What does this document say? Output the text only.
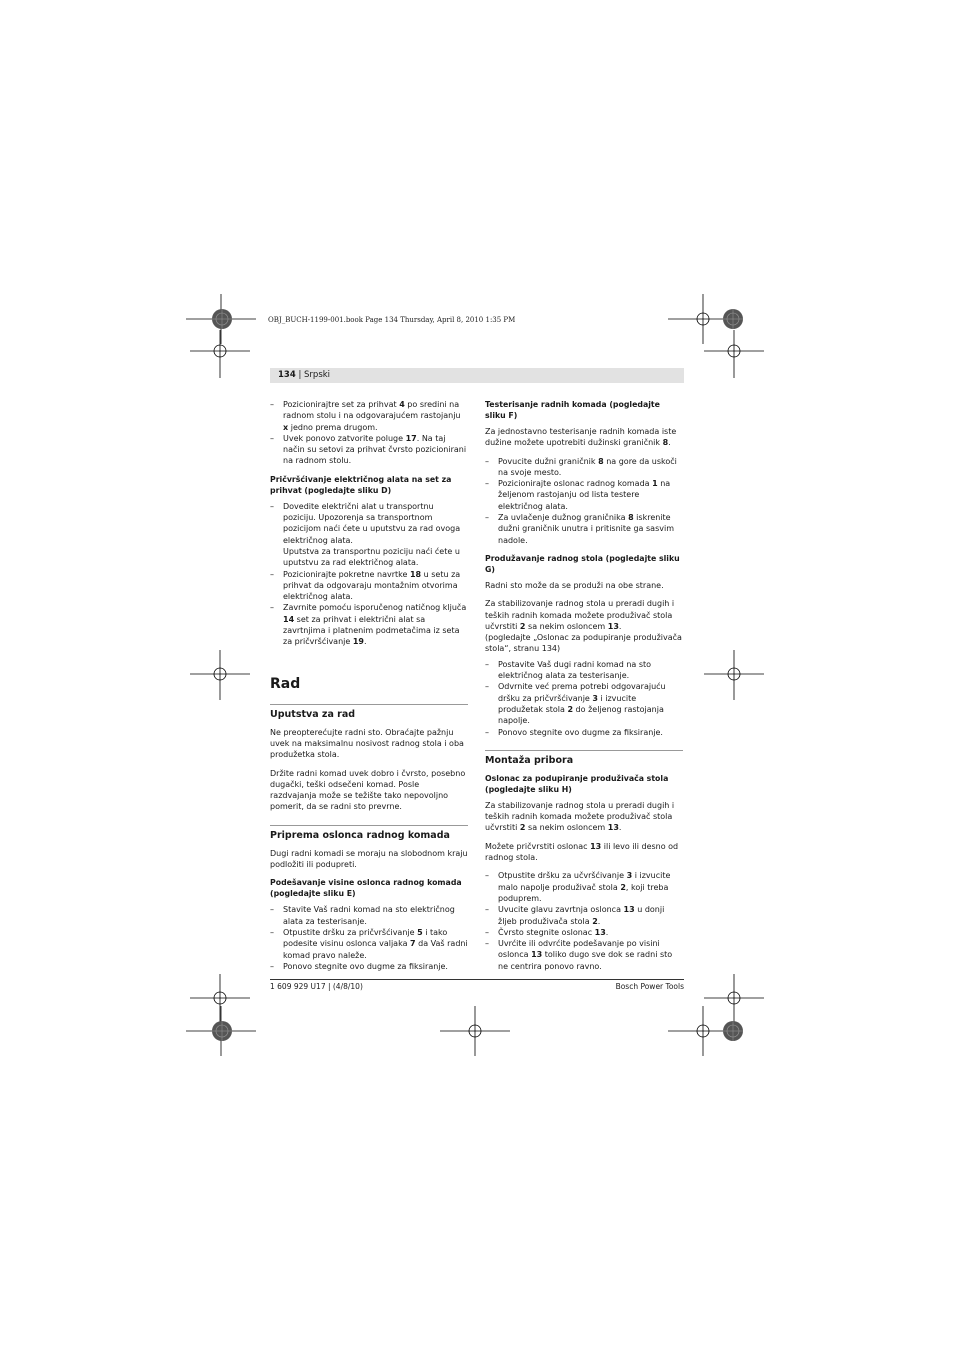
OBJ_BUCH-1199-001.book Page 134 Thursday, April 8, 2010 1:35 PM
134 | Srpski
– Pozicionirajtre set za prihvat 4 po sredini na radnom stolu i na odgovarajućem rastojanju x jedno prema drugom.
– Uvek ponovo zatvorite poluge 17. Na taj način su setovi za prihvat čvrsto pozicionirani na radnom stolu.
Pričvršćivanje električnog alata na set za prihvat (pogledajte sliku D)
– Dovedite električni alat u transportnu poziciju. Upozorenja sa transportnom pozicijom naći ćete u uputstvu za rad ovoga električnog alata.
Uputstva za transportnu poziciju naći ćete u uputstvu za rad električnog alata.
– Pozicionirajte pokretne navrtke 18 u setu za prihvat da odgovaraju montažnim otvorima električnog alata.
– Zavrnite pomoću isporučenog natičnog ključa 14 set za prihvat i električni alat sa zavrtnjima i platnenim podmetačima iz seta za pričvršćivanje 19.
Rad
Uputstva za rad

Ne preopterećujte radni sto. Obraćajte pažnju uvek na maksimalnu nosivost radnog stola i oba produžetka stola.

Držite radni komad uvek dobro i čvrsto, posebno dugački, teški odsečeni komad. Posle razdvajanja može se težište tako nepovoljno pomerit, da se radni sto prevrne.

Priprema oslonca radnog komada

Dugi radni komadi se moraju na slobodnom kraju podložiti ili podupreti.

Podešavanje visine oslonca radnog komada (pogledajte sliku E)
– Stavite Vaš radni komad na sto električnog alata za testerisanje.
– Otpustite dršku za pričvršćivanje 5 i tako podesite visinu oslonca valjaka 7 da Vaš radni komad pravo naleže.
– Ponovo stegnite ovo dugme za fiksiranje.
Testerisanje radnih komada (pogledajte sliku F)

Za jednostavno testerisanje radnih komada iste dužine možete upotrebiti dužinski graničnik 8.

– Povucite dužni graničnik 8 na gore da uskoči na svoje mesto.
– Pozicionirajte oslonac radnog komada 1 na željenom rastojanju od lista testere električnog alata.
– Za uvlačenje dužnog graničnika 8 iskrenite dužni graničnik unutra i pritisnite ga sasvim nadole.
Produžavanje radnog stola (pogledajte sliku G)

Radni sto može da se produži na obe strane.

Za stabilizovanje radnog stola u preradi dugih i teških radnih komada možete produživač stola učvrstiti 2 sa nekim osloncem 13.
(pogledajte „Oslonac za podupiranje produživača stola“, stranu 134)

– Postavite Vaš dugi radni komad na sto električnog alata za testerisanje.
– Odvrnite već prema potrebi odgovarajuću dršku za pričvršćivanje 3 i izvucite produžetak stola 2 do željenog rastojanja napolje.
– Ponovo stegnite ovo dugme za fiksiranje.
Montaža pribora
Oslonac za podupiranje produživača stola (pogledajte sliku H)

Za stabilizovanje radnog stola u preradi dugih i teških radnih komada možete produživač stola učvrstiti 2 sa nekim osloncem 13.

Možete pričvrstiti oslonac 13 ili levo ili desno od radnog stola.

– Otpustite dršku za učvršćivanje 3 i izvucite malo napolje produživač stola 2, koji treba poduprem.
– Uvucite glavu zavrtnja oslonca 13 u donji žljeb produživača stola 2.
– Čvrsto stegnite oslonac 13.
– Uvrćite ili odvrćite podešavanje po visini oslonca 13 toliko dugo sve dok se radni sto ne centrira ponovo ravno.
1 609 929 U17 | (4/8/10)	Bosch Power Tools
